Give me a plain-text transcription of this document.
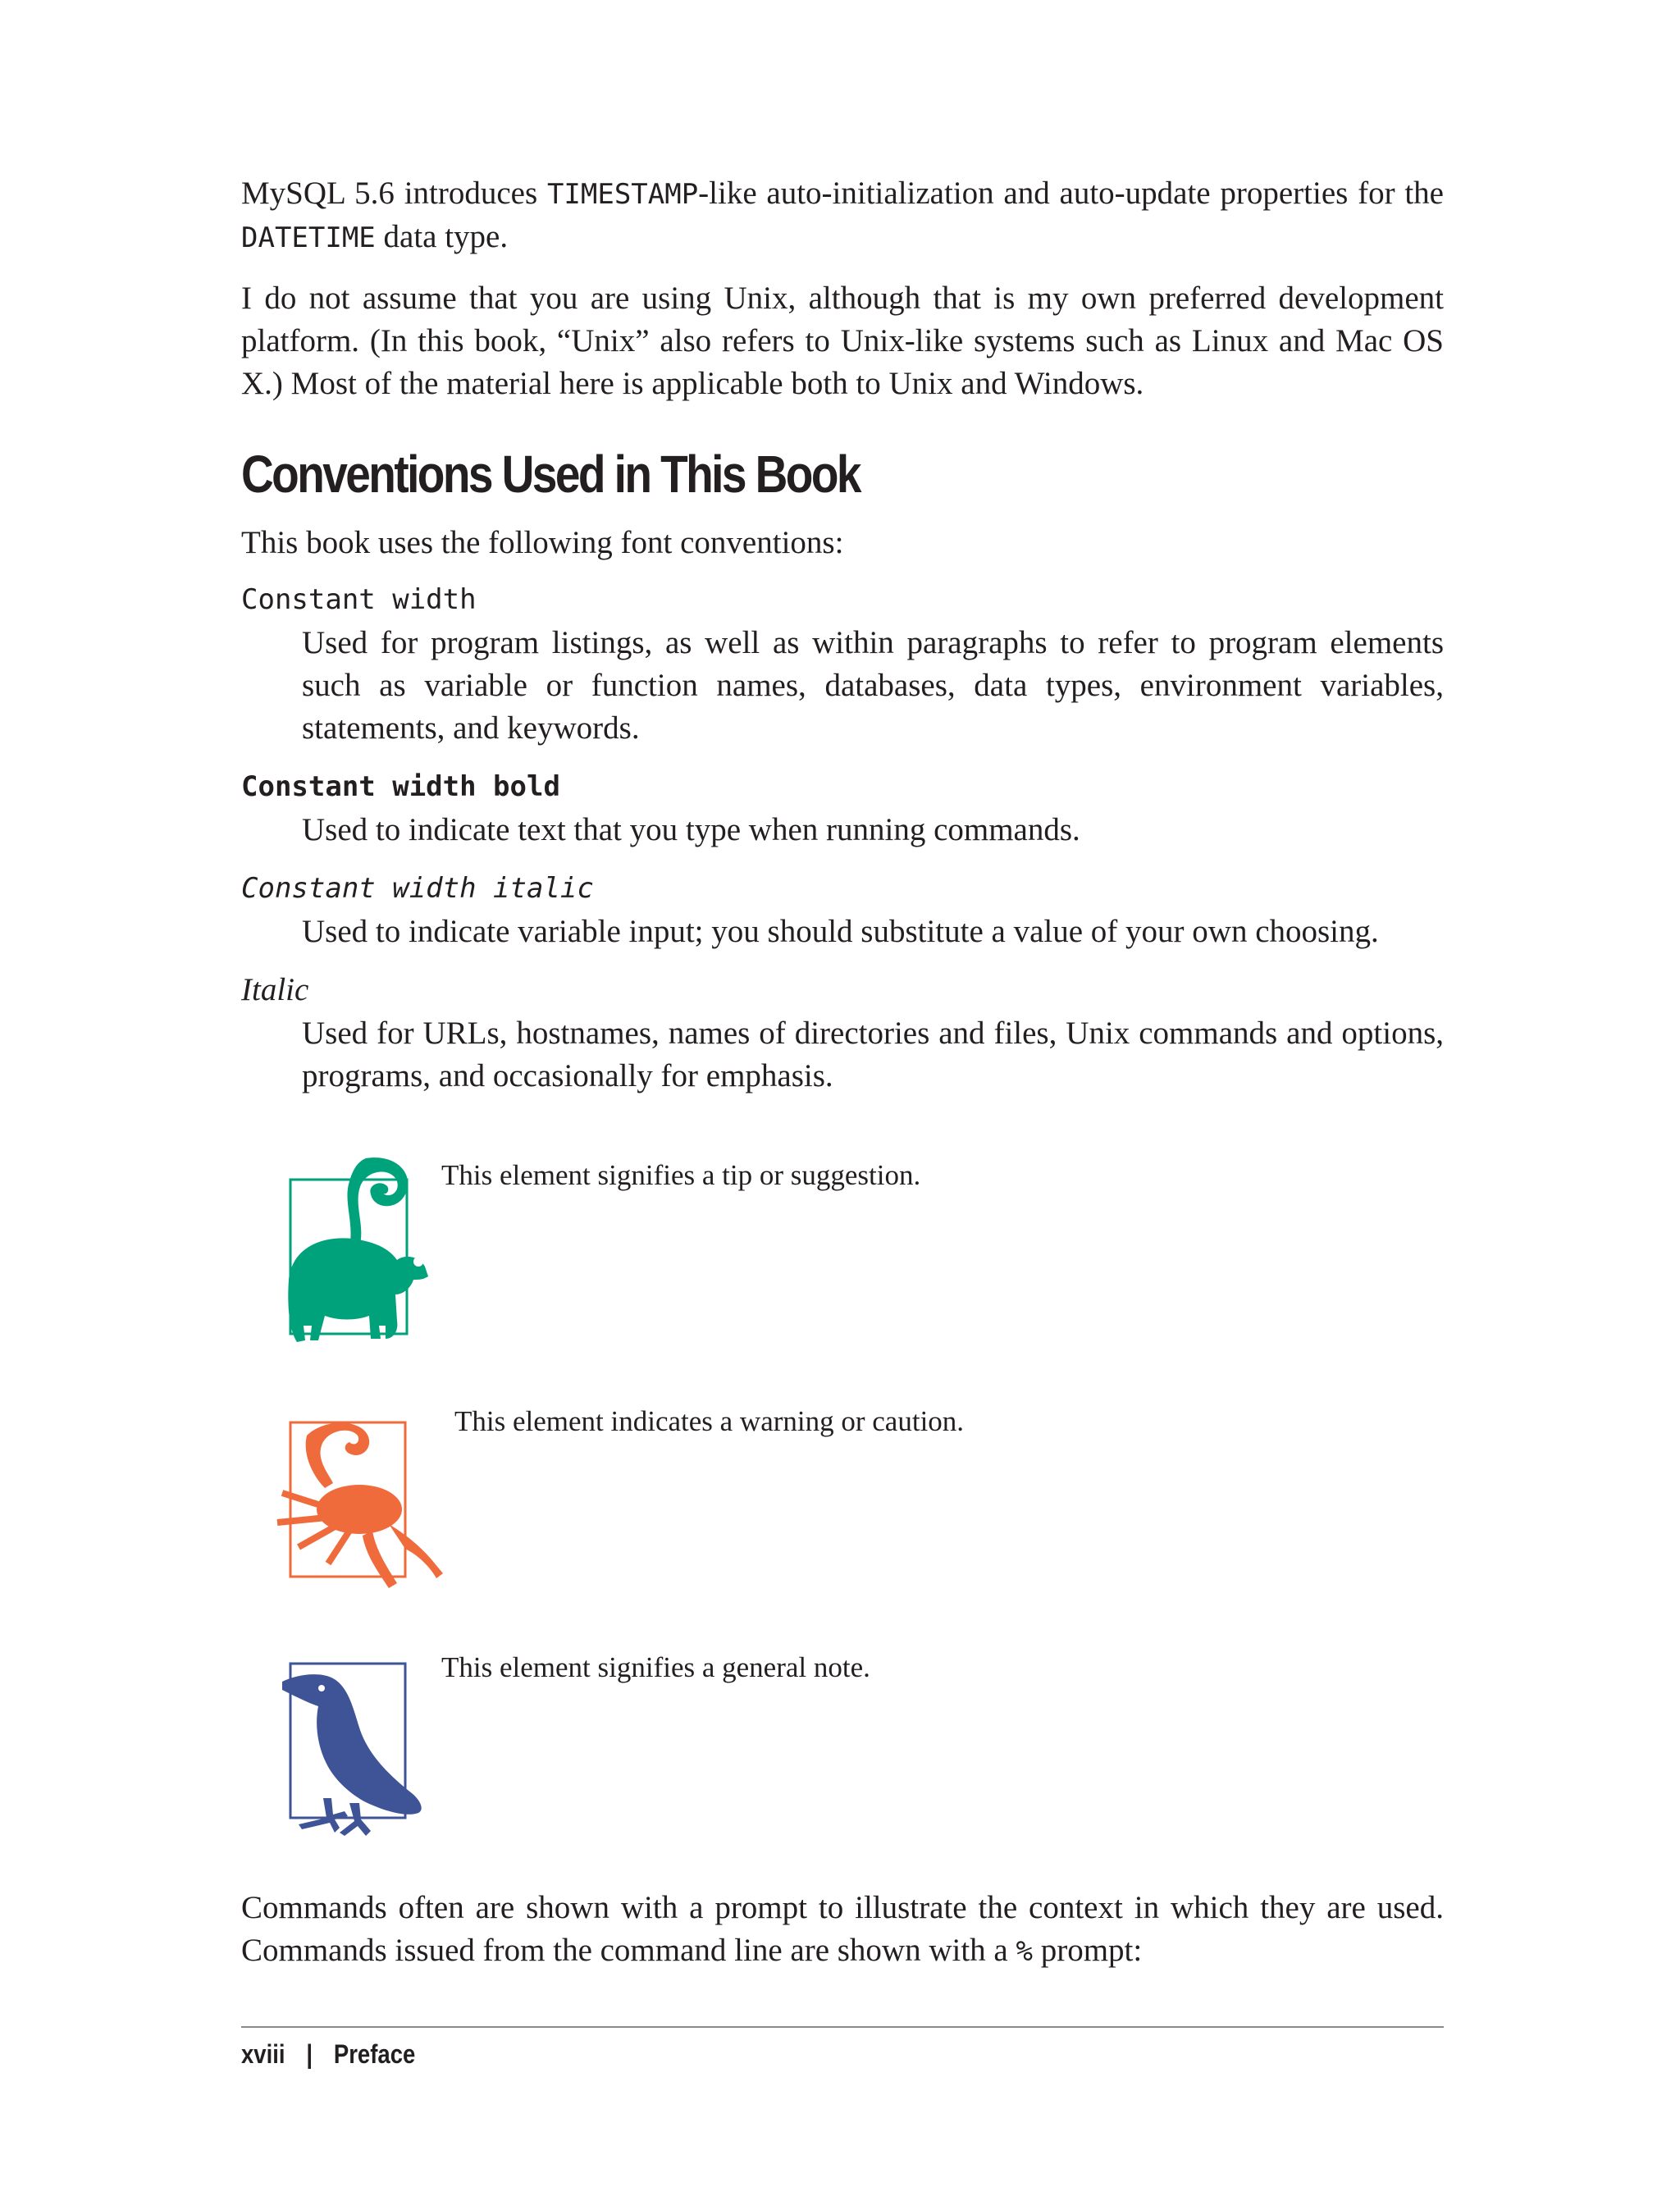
MySQL 5.6 introduces TIMESTAMP-like auto-initialization and auto-update properties for the DATETIME data type.

I do not assume that you are using Unix, although that is my own preferred development platform. (In this book, “Unix” also refers to Unix-like systems such as Linux and Mac OS X.) Most of the material here is applicable both to Unix and Windows.

Conventions Used in This Book

This book uses the following font conventions:

Constant width
Used for program listings, as well as within paragraphs to refer to program elements such as variable or function names, databases, data types, environment variables, statements, and keywords.
Constant width bold
Used to indicate text that you type when running commands.
Constant width italic
Used to indicate variable input; you should substitute a value of your own choosing.
Italic
Used for URLs, hostnames, names of directories and files, Unix commands and options, programs, and occasionally for emphasis.
This element signifies a tip or suggestion.
This element indicates a warning or caution.
This element signifies a general note.

Commands often are shown with a prompt to illustrate the context in which they are used. Commands issued from the command line are shown with a % prompt:

xviii | Preface
